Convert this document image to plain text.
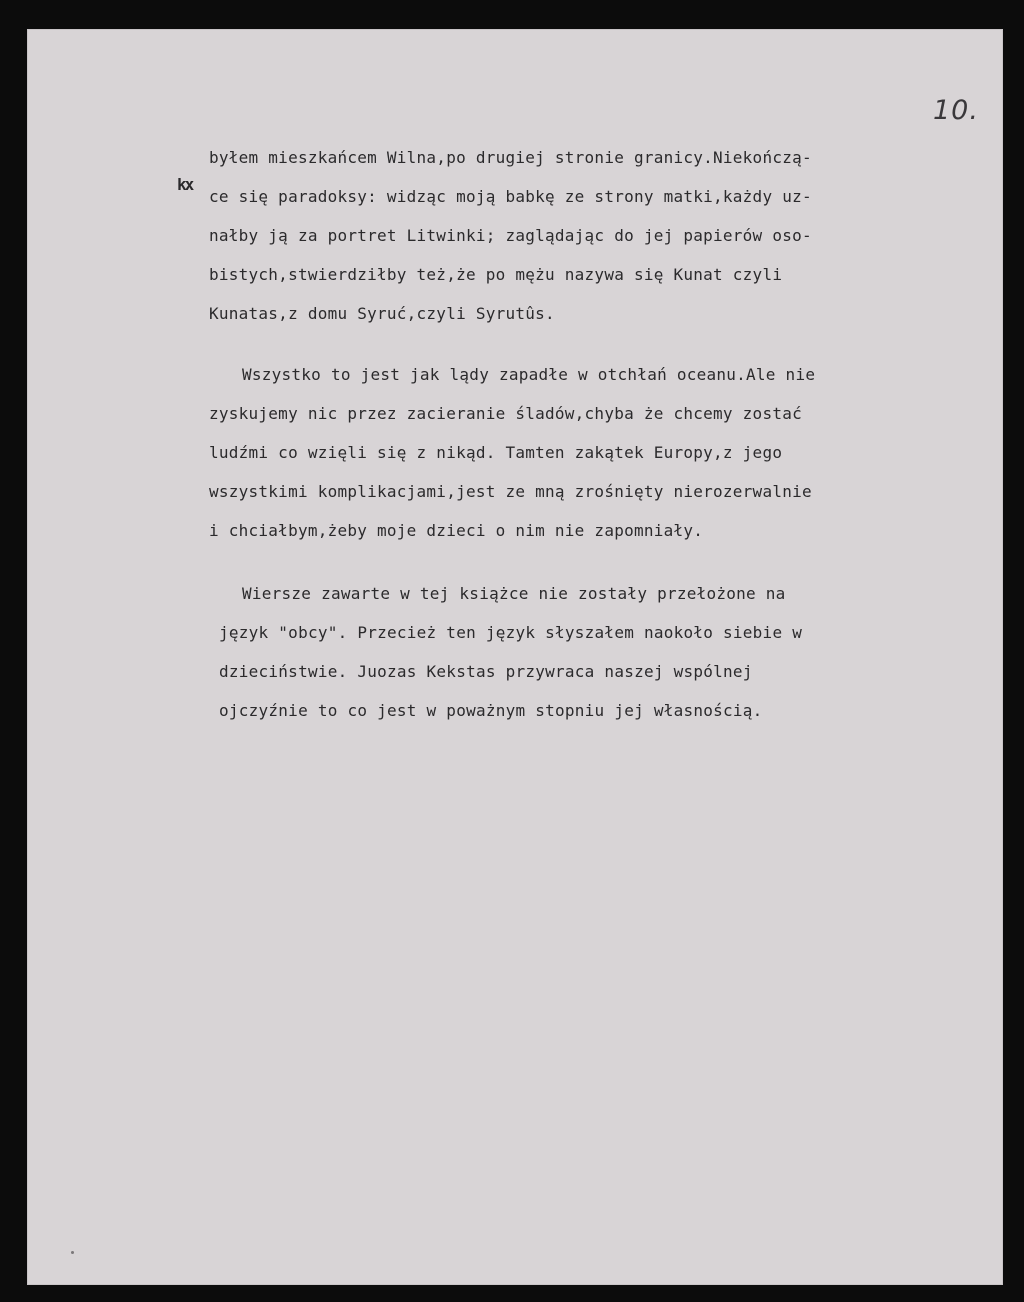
10.
kx
byłem mieszkańcem Wilna,po drugiej stronie granicy.Niekończą-
ce się paradoksy: widząc moją babkę ze strony matki,każdy uz-
nałby ją za portret Litwinki; zaglądając do jej papierów oso-
bistych,stwierdziłby też,że po mężu nazywa się Kunat czyli
Kunatas,z domu Syruć,czyli Syrutûs.
Wszystko to jest jak lądy zapadłe w otchłań oceanu.Ale nie
zyskujemy nic przez zacieranie śladów,chyba że chcemy zostać
ludźmi co wzięli się z nikąd. Tamten zakątek Europy,z jego
wszystkimi komplikacjami,jest ze mną zrośnięty nierozerwalnie
i chciałbym,żeby moje dzieci o nim nie zapomniały.
Wiersze zawarte w tej książce nie zostały przełożone na
język "obcy". Przecież ten język słyszałem naokoło siebie w
dzieciństwie. Juozas Kekstas przywraca naszej wspólnej
ojczyźnie to co jest w poważnym stopniu jej własnością.
